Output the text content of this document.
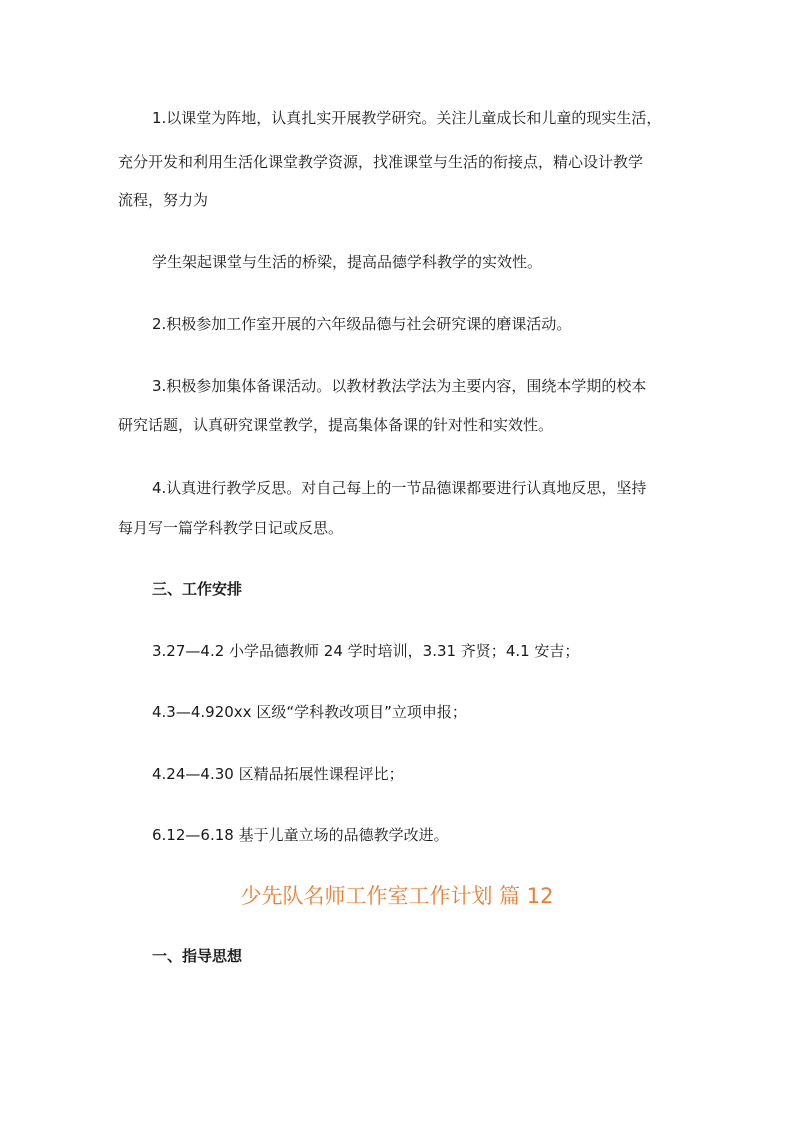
1.以课堂为阵地，认真扎实开展教学研究。关注儿童成长和儿童的现实生活，

充分开发和利用生活化课堂教学资源，找准课堂与生活的衔接点，精心设计教学

流程，努力为

学生架起课堂与生活的桥梁，提高品德学科教学的实效性。

2.积极参加工作室开展的六年级品德与社会研究课的磨课活动。

3.积极参加集体备课活动。以教材教法学法为主要内容，围绕本学期的校本

研究话题，认真研究课堂教学，提高集体备课的针对性和实效性。

4.认真进行教学反思。对自己每上的一节品德课都要进行认真地反思，坚持

每月写一篇学科教学日记或反思。

三、工作安排

3.27—4.2 小学品德教师 24 学时培训，3.31 齐贤；4.1 安吉；

4.3—4.920xx 区级“学科教改项目”立项申报；

4.24—4.30 区精品拓展性课程评比；

6.12—6.18 基于儿童立场的品德教学改进。

少先队名师工作室工作计划 篇 12

一、指导思想
